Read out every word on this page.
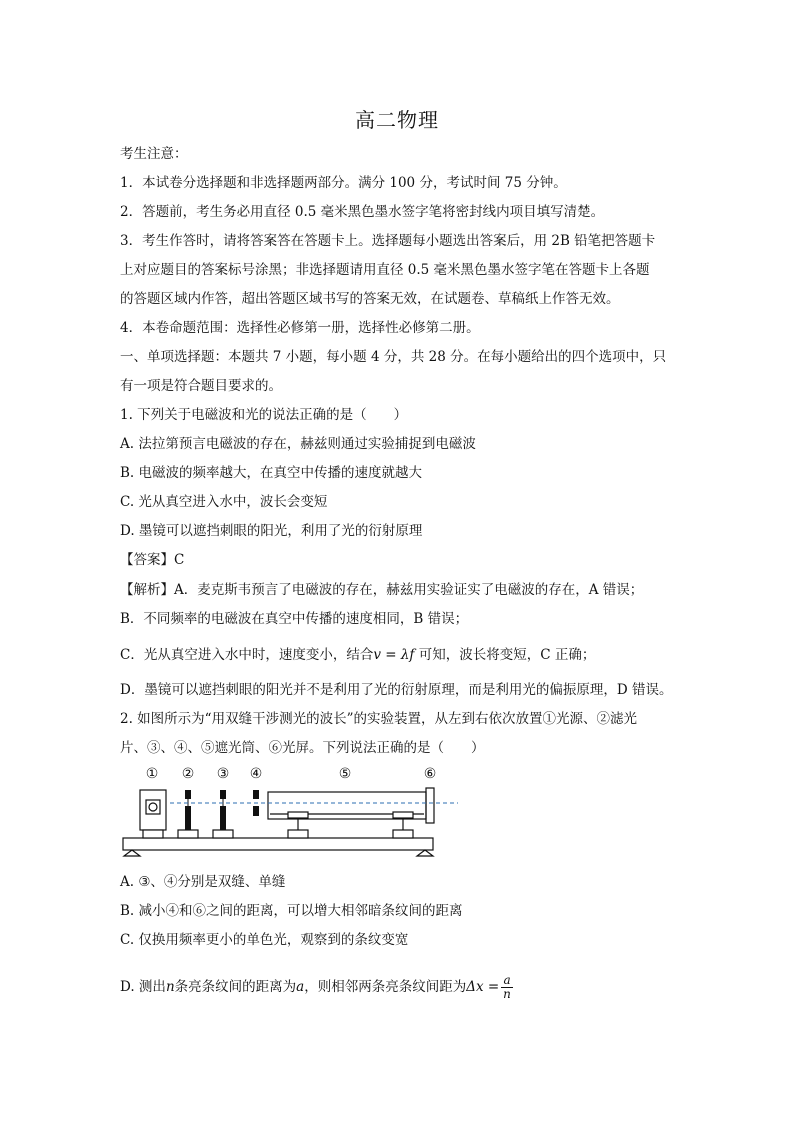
高二物理
考生注意：
1．本试卷分选择题和非选择题两部分。满分 100 分，考试时间 75 分钟。
2．答题前，考生务必用直径 0.5 毫米黑色墨水签字笔将密封线内项目填写清楚。
3．考生作答时，请将答案答在答题卡上。选择题每小题选出答案后，用 2B 铅笔把答题卡
上对应题目的答案标号涂黑；非选择题请用直径 0.5 毫米黑色墨水签字笔在答题卡上各题
的答题区域内作答，超出答题区域书写的答案无效，在试题卷、草稿纸上作答无效。
4．本卷命题范围：选择性必修第一册，选择性必修第二册。
一、单项选择题：本题共 7 小题，每小题 4 分，共 28 分。在每小题给出的四个选项中，只
有一项是符合题目要求的。
1. 下列关于电磁波和光的说法正确的是（　　）
A. 法拉第预言电磁波的存在，赫兹则通过实验捕捉到电磁波
B. 电磁波的频率越大，在真空中传播的速度就越大
C. 光从真空进入水中，波长会变短
D. 墨镜可以遮挡刺眼的阳光，利用了光的衍射原理
【答案】C
【解析】A．麦克斯韦预言了电磁波的存在，赫兹用实验证实了电磁波的存在，A 错误；
B．不同频率的电磁波在真空中传播的速度相同，B 错误；
C．光从真空进入水中时，速度变小，结合v = λf 可知，波长将变短，C 正确；
D．墨镜可以遮挡刺眼的阳光并不是利用了光的衍射原理，而是利用光的偏振原理，D 错误。
2. 如图所示为“用双缝干涉测光的波长”的实验装置，从左到右依次放置①光源、②滤光
片、③、④、⑤遮光筒、⑥光屏。下列说法正确的是（　　）
① ② ③ ④	⑤	⑥
A. ③、④分别是双缝、单缝
B. 减小④和⑥之间的距离，可以增大相邻暗条纹间的距离
C. 仅换用频率更小的单色光，观察到的条纹变宽
D. 测出n条亮条纹间的距离为a，则相邻两条亮条纹间距为$\Delta x = \frac{a}{n}$
